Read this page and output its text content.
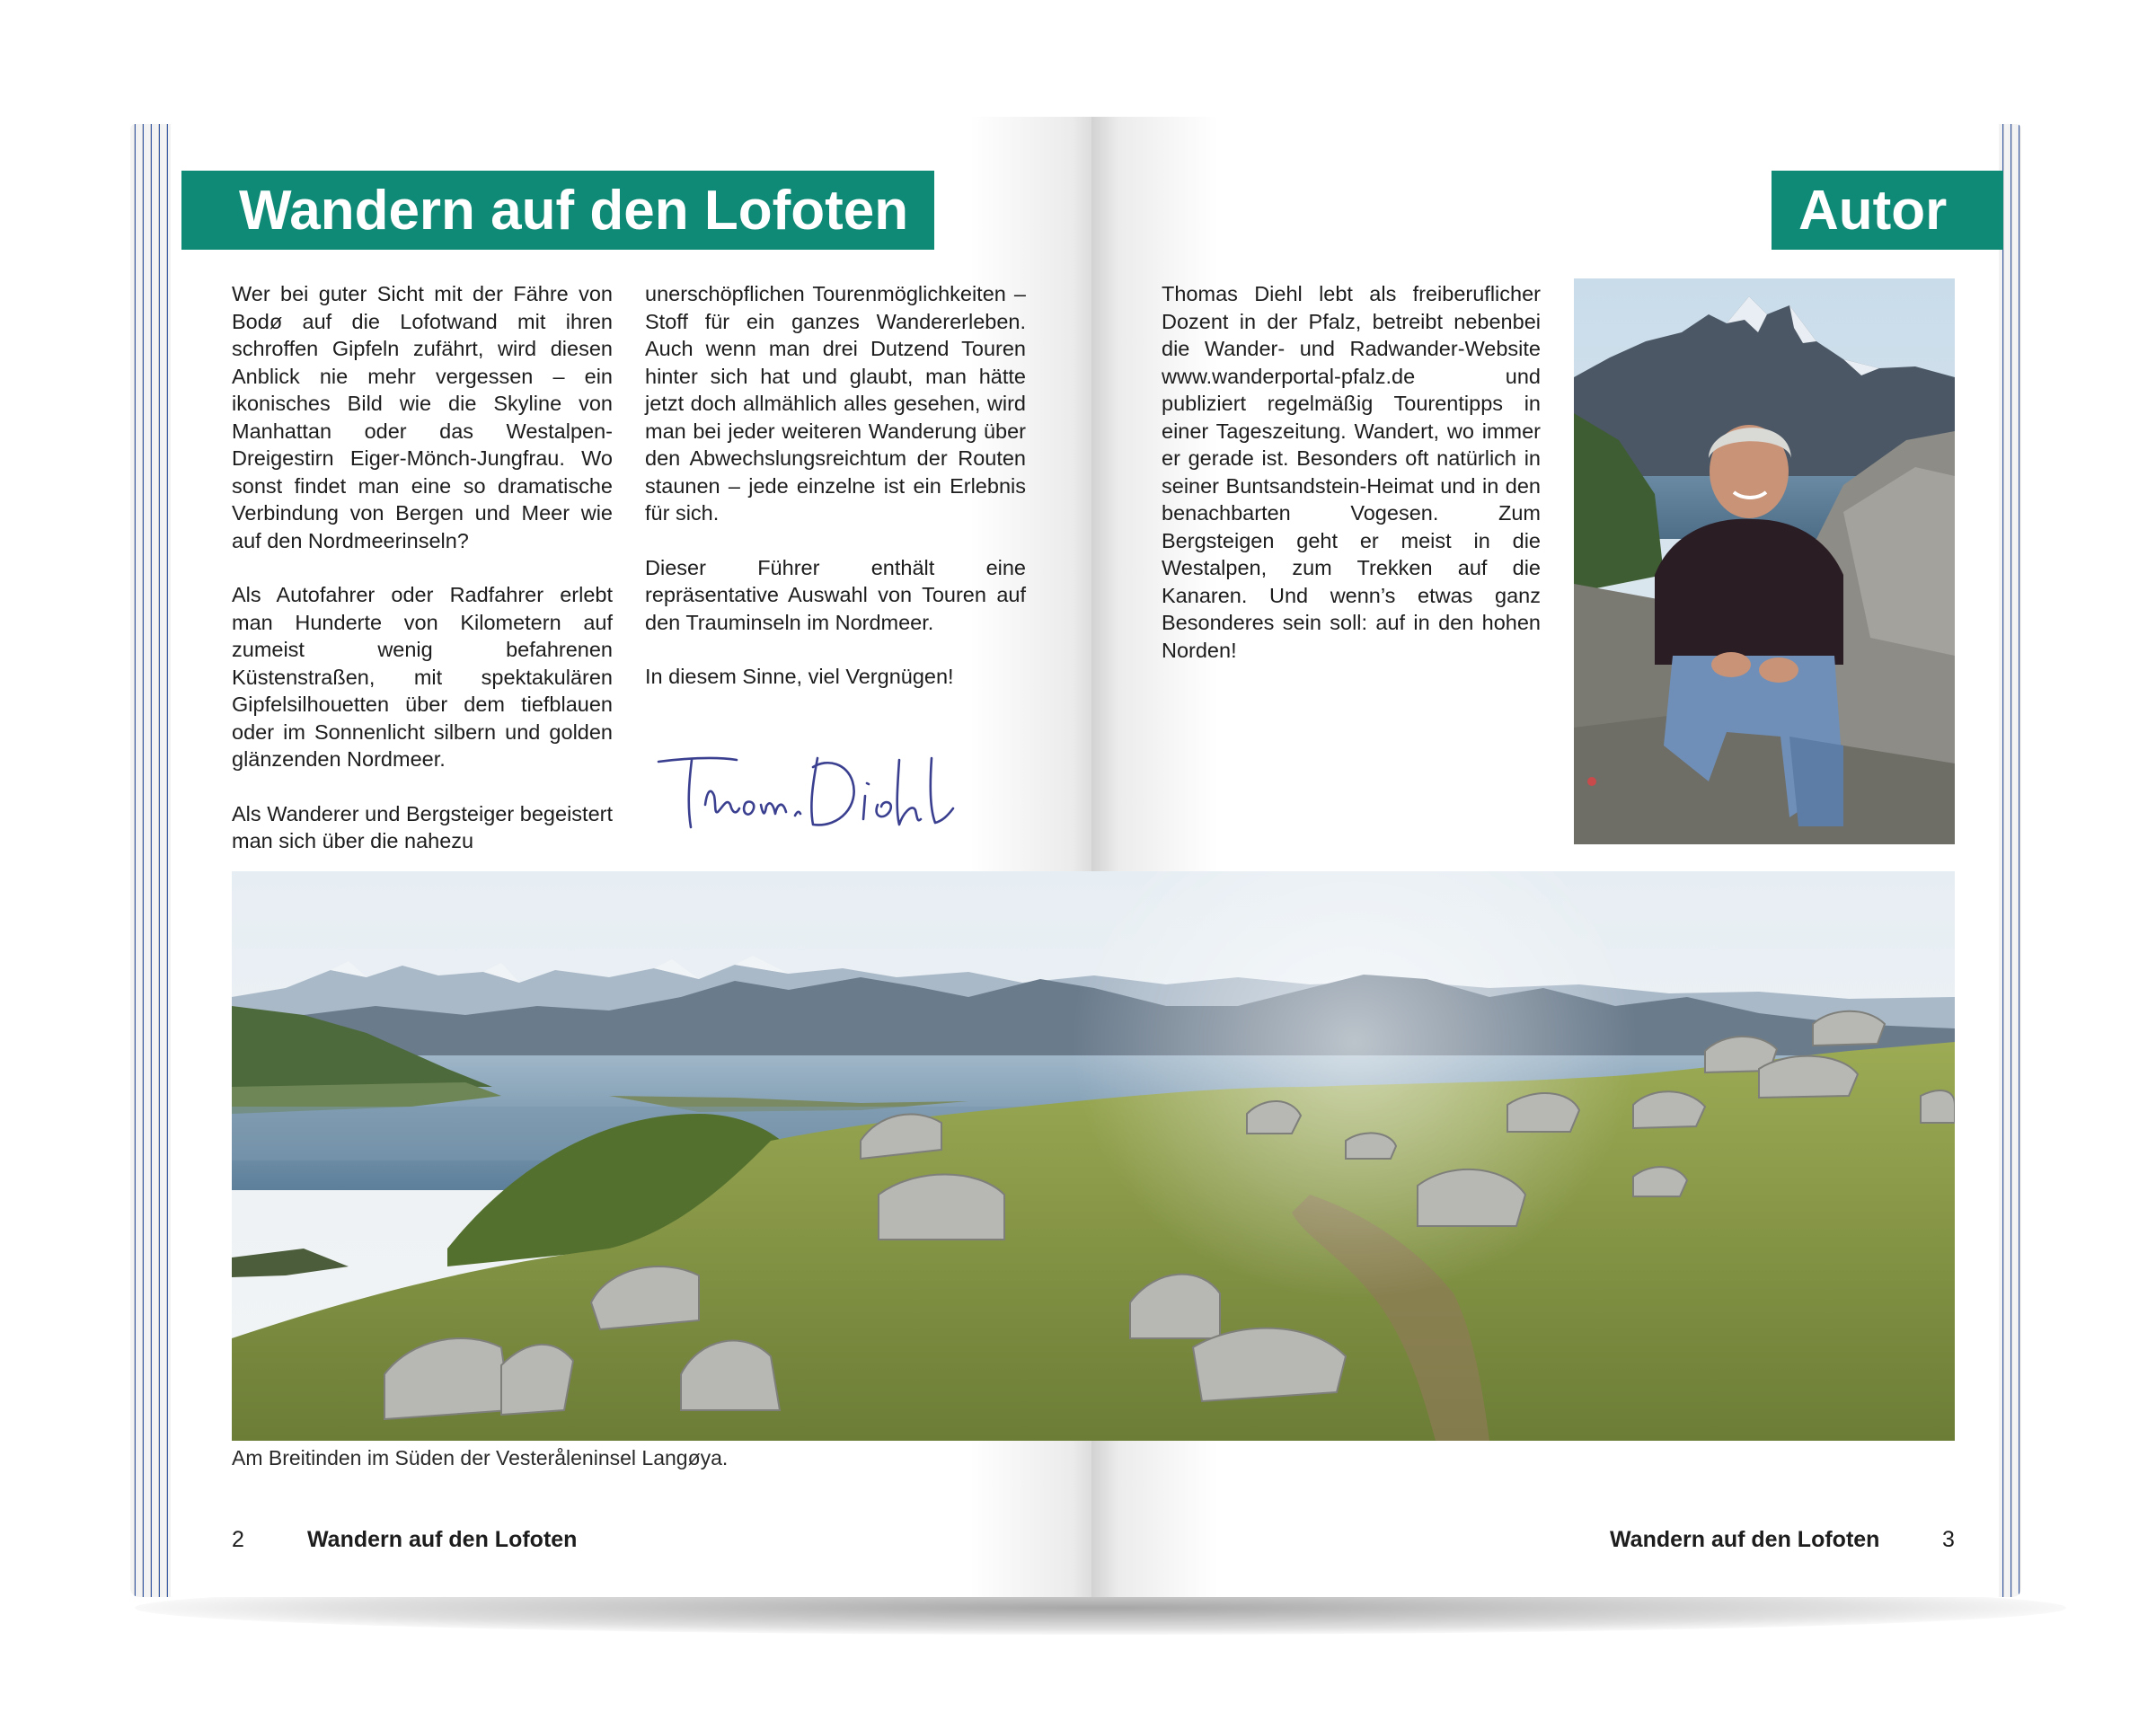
Wandern auf den Lofoten	Autor

Wer bei guter Sicht mit der Fähre von Bodø auf die Lofotwand mit ihren schroffen Gipfeln zufährt, wird diesen Anblick nie mehr vergessen – ein ikonisches Bild wie die Skyline von Manhattan oder das Westalpen-Dreigestirn Eiger-Mönch-Jungfrau. Wo sonst findet man eine so dramatische Verbindung von Bergen und Meer wie auf den Nordmeerinseln?

Als Autofahrer oder Radfahrer erlebt man Hunderte von Kilometern auf zumeist wenig befahrenen Küstenstraßen, mit spektakulären Gipfelsilhouetten über dem tiefblauen oder im Sonnenlicht silbern und golden glänzenden Nordmeer.

Als Wanderer und Bergsteiger begeistert man sich über die nahezu

unerschöpflichen Tourenmöglichkeiten – Stoff für ein ganzes Wandererleben. Auch wenn man drei Dutzend Touren hinter sich hat und glaubt, man hätte jetzt doch allmählich alles gesehen, wird man bei jeder weiteren Wanderung über den Abwechslungsreichtum der Routen staunen – jede einzelne ist ein Erlebnis für sich.

Dieser Führer enthält eine repräsentative Auswahl von Touren auf den Trauminseln im Nordmeer.

In diesem Sinne, viel Vergnügen!

Thomas Diehl lebt als freiberuflicher Dozent in der Pfalz, betreibt nebenbei die Wander- und Radwander-Website www.wanderportal-pfalz.de und publiziert regelmäßig Tourentipps in einer Tageszeitung. Wandert, wo immer er gerade ist. Besonders oft natürlich in seiner Buntsandstein-Heimat und in den benachbarten Vogesen. Zum Bergsteigen geht er meist in die Westalpen, zum Trekken auf die Kanaren. Und wenn’s etwas ganz Besonderes sein soll: auf in den hohen Norden!

Am Breitinden im Süden der Vesteråleninsel Langøya.
2	Wandern auf den Lofoten	Wandern auf den Lofoten	3
